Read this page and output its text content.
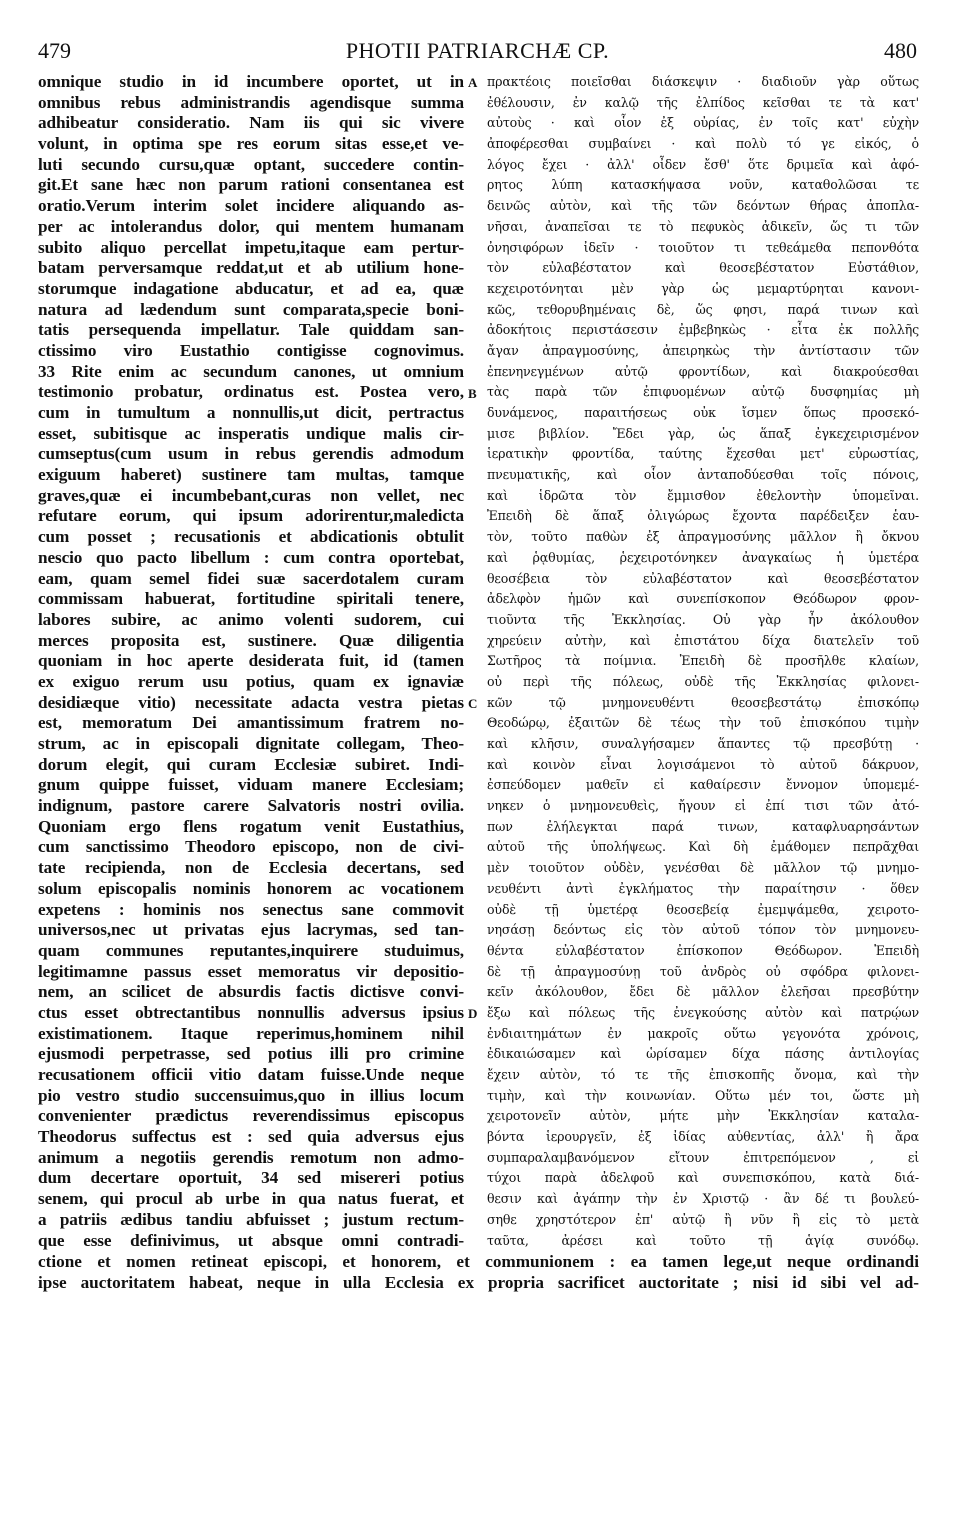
479	PHOTII PATRIARCHÆ CP.	480
omnique studio in id incumbere oportet, ut in
omnibus rebus administrandis agendisque summa
adhibeatur consideratio. Nam iis qui sic vivere
volunt, in optima spe res eorum sitas esse,et ve-
luti secundo cursu,quæ optant, succedere contin-
git.Et sane hæc non parum rationi consentanea est
oratio.Verum interim solet incidere aliquando as-
per ac intolerandus dolor, qui mentem humanam
subito aliquo percellat impetu,itaque eam pertur-
batam perversamque reddat,ut et ab utilium hone-
storumque indagatione abducatur, et ad ea, quæ
natura ad lædendum sunt comparata,specie boni-
tatis persequenda impellatur. Tale quiddam san-
ctissimo viro Eustathio contigisse cognovimus.
33 Rite enim ac secundum canones, ut omnium
testimonio probatur, ordinatus est. Postea vero,
cum in tumultum a nonnullis,ut dicit, pertractus
esset, subitisque ac insperatis undique malis cir-
cumseptus(cum usum in rebus gerendis admodum
exiguum haberet) sustinere tam multas, tamque
graves,quæ ei incumbebant,curas non vellet, nec
refutare eorum, qui ipsum adorirentur,maledicta
cum posset ; recusationis et abdicationis obtulit
nescio quo pacto libellum : cum contra oportebat,
eam, quam semel fidei suæ sacerdotalem curam
commissam habuerat, fortitudine spiritali tenere,
labores subire, ac animo volenti sudorem, cui
merces proposita est, sustinere. Quæ diligentia
quoniam in hoc aperte desiderata fuit, id (tamen
ex exiguo rerum usu potius, quam ex ignaviæ
desidiæque vitio) necessitate adacta vestra pietas
est, memoratum Dei amantissimum fratrem no-
strum, ac in episcopali dignitate collegam, Theo-
dorum elegit, qui curam Ecclesiæ subiret. Indi-
gnum quippe fuisset, viduam manere Ecclesiam;
indignum, pastore carere Salvatoris nostri ovilia.
Quoniam ergo flens rogatum venit Eustathius,
cum sanctissimo Theodoro episcopo, non de civi-
tate recipienda, non de Ecclesia decertans, sed
solum episcopalis nominis honorem ac vocationem
expetens : hominis nos senectus sane commovit
universos,nec ut privatas ejus lacrymas, sed tan-
quam communes reputantes,inquirere studuimus,
legitimamne passus esset memoratus vir depositio-
nem, an scilicet de absurdis factis dictisve convi-
ctus esset obtrectantibus nonnullis adversus ipsius
existimationem. Itaque reperimus,hominem nihil
ejusmodi perpetrasse, sed potius illi pro crimine
recusationem officii vitio datam fuisse.Unde neque
pio vestro studio succensuimus,quo in illius locum
convenienter prædictus reverendissimus episcopus
Theodorus suffectus est : sed quia adversus ejus
animum a negotiis gerendis remotum non admo-
dum decertare oportuit, 34 sed misereri potius
senem, qui procul ab urbe in qua natus fuerat, et
a patriis ædibus tandiu abfuisset ; justum rectum-
que esse definivimus, ut absque omni contradi-
πρακτέοις ποιεῖσθαι διάσκεψιν · διαδιοῦν γὰρ οὕτως
ἐθέλουσιν, ἐν καλῷ τῆς ἐλπίδος κεῖσθαι τε τὰ κατ'
αὐτοὺς · καὶ οἷον ἐξ οὐρίας, ἐν τοῖς κατ' εὐχὴν
ἀποφέρεσθαι συμβαίνει · καὶ πολὺ τό γε εἰκός, ὁ
λόγος ἔχει · ἀλλ' οἶδεν ἔσθ' ὅτε δριμεῖα καὶ ἀφό-
ρητος λύπη κατασκήψασα νοῦν, καταθολῶσαι τε
δεινῶς αὐτὸν, καὶ τῆς τῶν δεόντων θήρας ἀποπλα-
νῆσαι, ἀναπεῖσαι τε τὸ πεφυκὸς ἀδικεῖν, ὥς τι τῶν
ὀνησιφόρων ἰδεῖν · τοιοῦτον τι τεθεάμεθα πεπονθότα
τὸν εὐλαβέστατον καὶ θεοσεβέστατον Εὐστάθιον,
κεχειροτόνηται μὲν γὰρ ὡς μεμαρτύρηται κανονι-
κῶς, τεθορυβημέναις δὲ, ὥς φησι, παρά τινων καὶ
ἀδοκήτοις περιστάσεσιν ἐμβεβηκὼς · εἶτα ἐκ πολλῆς
ἄγαν ἀπραγμοσύνης, ἀπειρηκὼς τὴν ἀντίστασιν τῶν
ἐπενηνεγμένων αὐτῷ φροντίδων, καὶ διακρούεσθαι
τὰς παρὰ τῶν ἐπιφυομένων αὐτῷ δυσφημίας μὴ
δυνάμενος, παραιτήσεως οὐκ ἴσμεν ὅπως προσεκό-
μισε βιβλίον. Ἔδει γὰρ, ὡς ἅπαξ ἐγκεχειρισμένον
ἱερατικὴν φροντίδα, ταύτης ἔχεσθαι μετ' εὐρωστίας,
πνευματικῆς, καὶ οἷον ἀνταποδύεσθαι τοῖς πόνοις,
καὶ ἱδρῶτα τὸν ἔμμισθον ἐθελοντὴν ὑπομεῖναι.
Ἐπειδὴ δὲ ἅπαξ ὀλιγώρως ἔχοντα παρέδειξεν ἑαυ-
τὸν, τοῦτο παθὼν ἐξ ἀπραγμοσύνης μᾶλλον ἢ ὄκνου
καὶ ῥᾳθυμίας, ῥεχειροτόνηκεν ἀναγκαίως ἡ ὑμετέρα
θεοσέβεια τὸν εὐλαβέστατον καὶ θεοσεβέστατον
ἀδελφὸν ἡμῶν καὶ συνεπίσκοπον Θεόδωρον φρον-
τιοῦντα τῆς Ἐκκλησίας. Οὐ γὰρ ἦν ἀκόλουθον
χηρεύειν αὐτὴν, καὶ ἐπιστάτου δίχα διατελεῖν τοῦ
Σωτῆρος τὰ ποίμνια. Ἐπειδὴ δὲ προσῆλθε κλαίων,
οὐ περὶ τῆς πόλεως, οὐδὲ τῆς Ἐκκλησίας φιλονει-
κῶν τῷ μνημονευθέντι θεοσεβεστάτῳ ἐπισκόπῳ
Θεοδώρῳ, ἐξαιτῶν δὲ τέως τὴν τοῦ ἐπισκόπου τιμὴν
καὶ κλῆσιν, συναλγήσαμεν ἅπαντες τῷ πρεσβύτῃ ·
καὶ κοινὸν εἶναι λογισάμενοι τὸ αὐτοῦ δάκρυον,
ἐσπεύδομεν μαθεῖν εἰ καθαίρεσιν ἔννομον ὑπομεμέ-
νηκεν ὁ μνημονευθεὶς, ἤγουν εἰ ἐπί τισι τῶν ἀτό-
πων ἐλήλεγκται παρά τινων, καταφλυαρησάντων
αὐτοῦ τῆς ὑπολήψεως. Καὶ δὴ ἐμάθομεν πεπρᾶχθαι
μὲν τοιοῦτον οὐδὲν, γενέσθαι δὲ μᾶλλον τῷ μνημο-
νευθέντι ἀντὶ ἐγκλήματος τὴν παραίτησιν · ὅθεν
οὐδὲ τῇ ὑμετέρᾳ θεοσεβείᾳ ἐμεμψάμεθα, χειροτο-
νησάσῃ δεόντως εἰς τὸν αὐτοῦ τόπον τὸν μνημονευ-
θέντα εὐλαβέστατον ἐπίσκοπον Θεόδωρον. Ἐπειδὴ
δὲ τῇ ἀπραγμοσύνῃ τοῦ ἀνδρὸς οὐ σφόδρα φιλονει-
κεῖν ἀκόλουθον, ἔδει δὲ μᾶλλον ἐλεῆσαι πρεσβύτην
ἔξω καὶ πόλεως τῆς ἐνεγκούσης αὐτὸν καὶ πατρῴων
ἐνδιαιτημάτων ἐν μακροῖς οὕτω γεγονότα χρόνοις,
ἐδικαιώσαμεν καὶ ὡρίσαμεν δίχα πάσης ἀντιλογίας
ἔχειν αὐτὸν, τό τε τῆς ἐπισκοπῆς ὄνομα, καὶ τὴν
τιμὴν, καὶ τὴν κοινωνίαν. Οὕτω μέν τοι, ὥστε μὴ
χειροτονεῖν αὐτὸν, μήτε μὴν Ἐκκλησίαν καταλα-
βόντα ἱερουργεῖν, ἐξ ἰδίας αὐθεντίας, ἀλλ' ἢ ἄρα
συμπαραλαμβανόμενον εἴτουν ἐπιτρεπόμενον , εἰ
τύχοι παρὰ ἀδελφοῦ καὶ συνεπισκόπου, κατὰ διά-
θεσιν καὶ ἀγάπην τὴν ἐν Χριστῷ · ἂν δέ τι βουλεύ-
σηθε χρηστότερον ἐπ' αὐτῷ ἢ νῦν ἢ εἰς τὸ μετὰ
ταῦτα, ἀρέσει καὶ τοῦτο τῇ ἁγίᾳ συνόδῳ.
A
B
C
D
ctione et nomen retineat episcopi, et honorem, et communionem : ea tamen lege,ut neque ordinandi
ipse auctoritatem habeat, neque in ulla Ecclesia ex propria sacrificet auctoritate ; nisi id sibi vel ad-
